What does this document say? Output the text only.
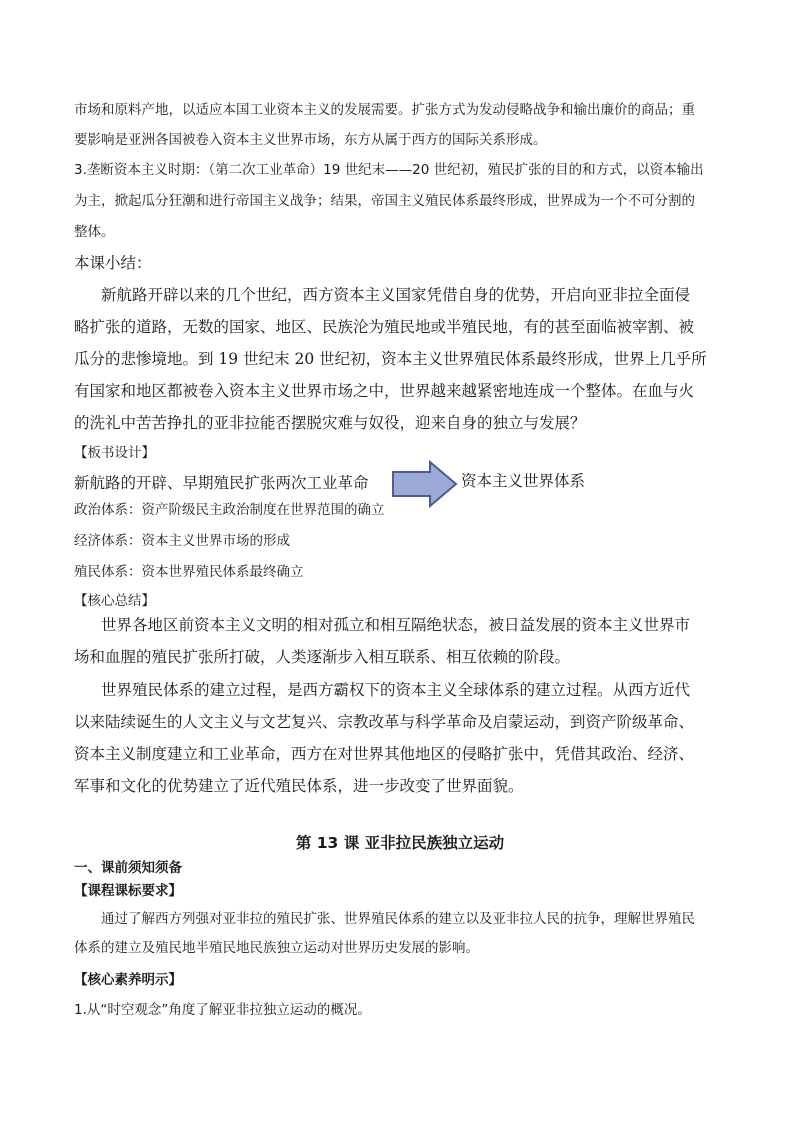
市场和原料产地，以适应本国工业资本主义的发展需要。扩张方式为发动侵略战争和输出廉价的商品；重
要影响是亚洲各国被卷入资本主义世界市场，东方从属于西方的国际关系形成。
3.垄断资本主义时期：（第二次工业革命）19 世纪末——20 世纪初，殖民扩张的目的和方式，以资本输出
为主，掀起瓜分狂潮和进行帝国主义战争；结果，帝国主义殖民体系最终形成，世界成为一个不可分割的
整体。
本课小结：
新航路开辟以来的几个世纪，西方资本主义国家凭借自身的优势，开启向亚非拉全面侵
略扩张的道路，无数的国家、地区、民族沦为殖民地或半殖民地，有的甚至面临被宰割、被
瓜分的悲惨境地。到 19 世纪末 20 世纪初，资本主义世界殖民体系最终形成，世界上几乎所
有国家和地区都被卷入资本主义世界市场之中，世界越来越紧密地连成一个整体。在血与火
的洗礼中苦苦挣扎的亚非拉能否摆脱灾难与奴役，迎来自身的独立与发展？
【板书设计】
新航路的开辟、早期殖民扩张两次工业革命	资本主义世界体系
政治体系：资产阶级民主政治制度在世界范围的确立
经济体系：资本主义世界市场的形成
殖民体系：资本世界殖民体系最终确立
【核心总结】
世界各地区前资本主义文明的相对孤立和相互隔绝状态，被日益发展的资本主义世界市
场和血腥的殖民扩张所打破，人类逐渐步入相互联系、相互依赖的阶段。
世界殖民体系的建立过程，是西方霸权下的资本主义全球体系的建立过程。从西方近代
以来陆续诞生的人文主义与文艺复兴、宗教改革与科学革命及启蒙运动，到资产阶级革命、
资本主义制度建立和工业革命，西方在对世界其他地区的侵略扩张中，凭借其政治、经济、
军事和文化的优势建立了近代殖民体系，进一步改变了世界面貌。
第 13 课 亚非拉民族独立运动
一、课前须知须备
【课程课标要求】
通过了解西方列强对亚非拉的殖民扩张、世界殖民体系的建立以及亚非拉人民的抗争，理解世界殖民
体系的建立及殖民地半殖民地民族独立运动对世界历史发展的影响。
【核心素养明示】
1.从“时空观念”角度了解亚非拉独立运动的概况。
